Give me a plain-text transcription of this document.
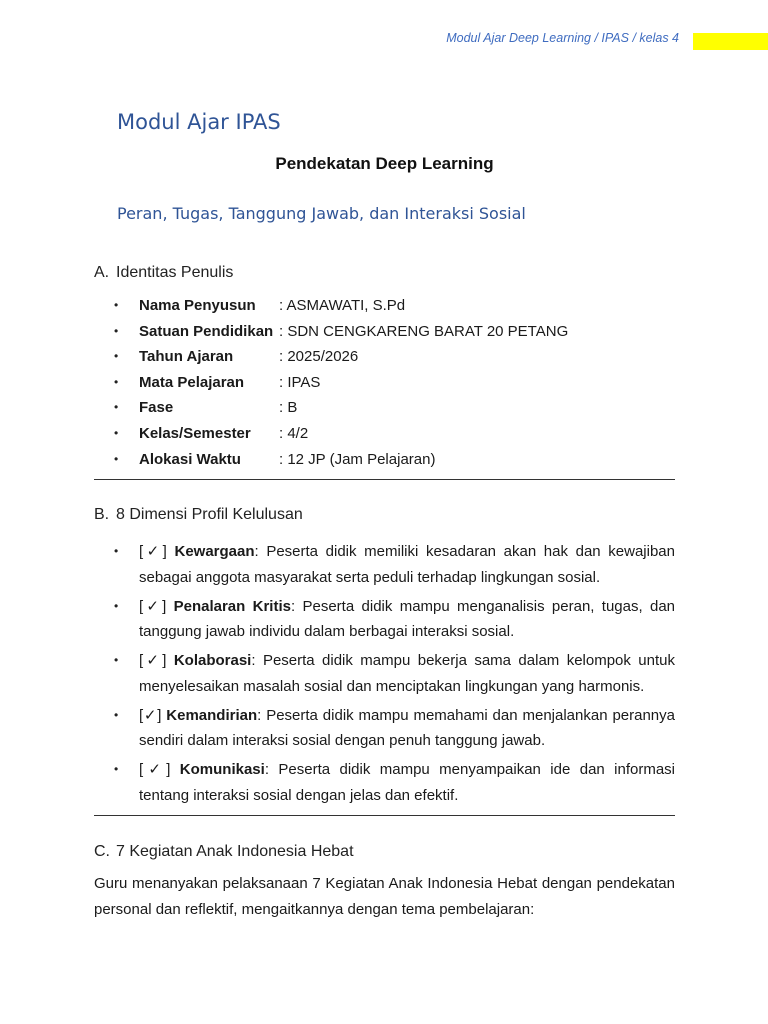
Modul Ajar Deep Learning / IPAS / kelas 4
Modul Ajar IPAS
Pendekatan Deep Learning
Peran, Tugas, Tanggung Jawab, dan Interaksi Sosial
A. Identitas Penulis
• Nama Penyusun : ASMAWATI, S.Pd
• Satuan Pendidikan : SDN CENGKARENG BARAT 20 PETANG
• Tahun Ajaran	: 2025/2026
• Mata Pelajaran : IPAS
• Fase	: B
• Kelas/Semester : 4/2
• Alokasi Waktu	: 12 JP (Jam Pelajaran)
B. 8 Dimensi Profil Kelulusan
• [✓] Kewargaan: Peserta didik memiliki kesadaran akan hak dan kewajiban sebagai anggota masyarakat serta peduli terhadap lingkungan sosial.
• [✓] Penalaran Kritis: Peserta didik mampu menganalisis peran, tugas, dan tanggung jawab individu dalam berbagai interaksi sosial.
• [✓] Kolaborasi: Peserta didik mampu bekerja sama dalam kelompok untuk menyelesaikan masalah sosial dan menciptakan lingkungan yang harmonis.
• [✓] Kemandirian: Peserta didik mampu memahami dan menjalankan perannya sendiri dalam interaksi sosial dengan penuh tanggung jawab.
• [✓] Komunikasi: Peserta didik mampu menyampaikan ide dan informasi tentang interaksi sosial dengan jelas dan efektif.
C. 7 Kegiatan Anak Indonesia Hebat
Guru menanyakan pelaksanaan 7 Kegiatan Anak Indonesia Hebat dengan pendekatan personal dan reflektif, mengaitkannya dengan tema pembelajaran:
